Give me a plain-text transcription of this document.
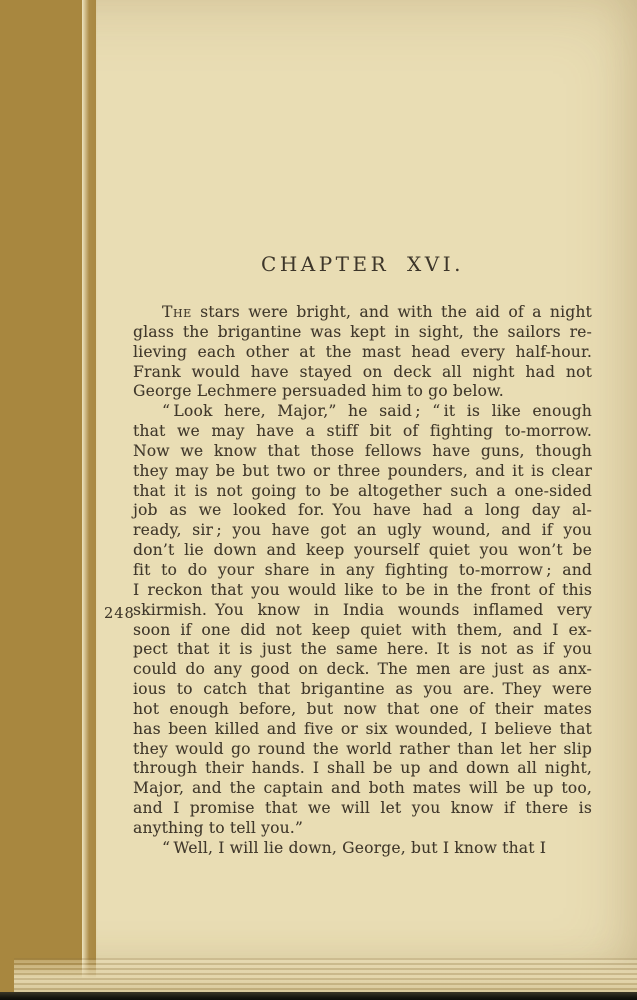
CHAPTER XVI.
The stars were bright, and with the aid of a night
glass the brigantine was kept in sight, the sailors re-
lieving each other at the mast head every half-hour.
Frank would have stayed on deck all night had not
George Lechmere persuaded him to go below.
“ Look here, Major,” he said ; “ it is like enough
that we may have a stiff bit of fighting to-morrow.
Now we know that those fellows have guns, though
they may be but two or three pounders, and it is clear
that it is not going to be altogether such a one-sided
job as we looked for. You have had a long day al-
ready, sir ; you have got an ugly wound, and if you
don’t lie down and keep yourself quiet you won’t be
fit to do your share in any fighting to-morrow ; and
I reckon that you would like to be in the front of this
skirmish. You know in India wounds inflamed very
soon if one did not keep quiet with them, and I ex-
pect that it is just the same here. It is not as if you
could do any good on deck. The men are just as anx-
ious to catch that brigantine as you are. They were
hot enough before, but now that one of their mates
has been killed and five or six wounded, I believe that
they would go round the world rather than let her slip
through their hands. I shall be up and down all night,
Major, and the captain and both mates will be up too,
and I promise that we will let you know if there is
anything to tell you.”
“ Well, I will lie down, George, but I know that I
248
